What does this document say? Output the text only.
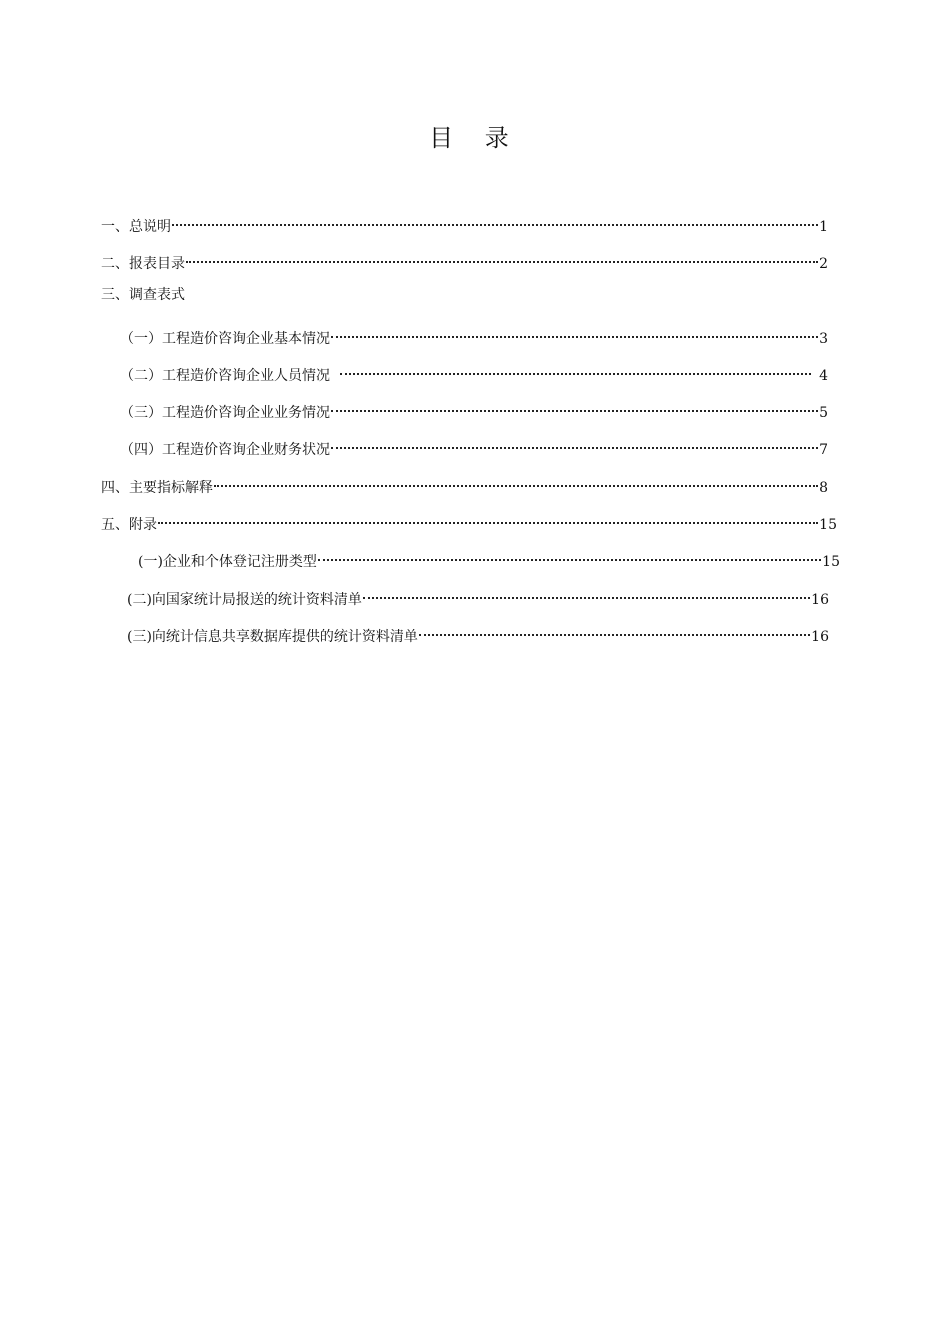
目 录
一、总说明	1
二、报表目录	2
三、调查表式
（一）工程造价咨询企业基本情况	3
（二）工程造价咨询企业人员情况	4
（三）工程造价咨询企业业务情况	5
（四）工程造价咨询企业财务状况	7
四、主要指标解释	8
五、附录	15
(一)企业和个体登记注册类型	15
(二)向国家统计局报送的统计资料清单	16
(三)向统计信息共享数据库提供的统计资料清单	16
